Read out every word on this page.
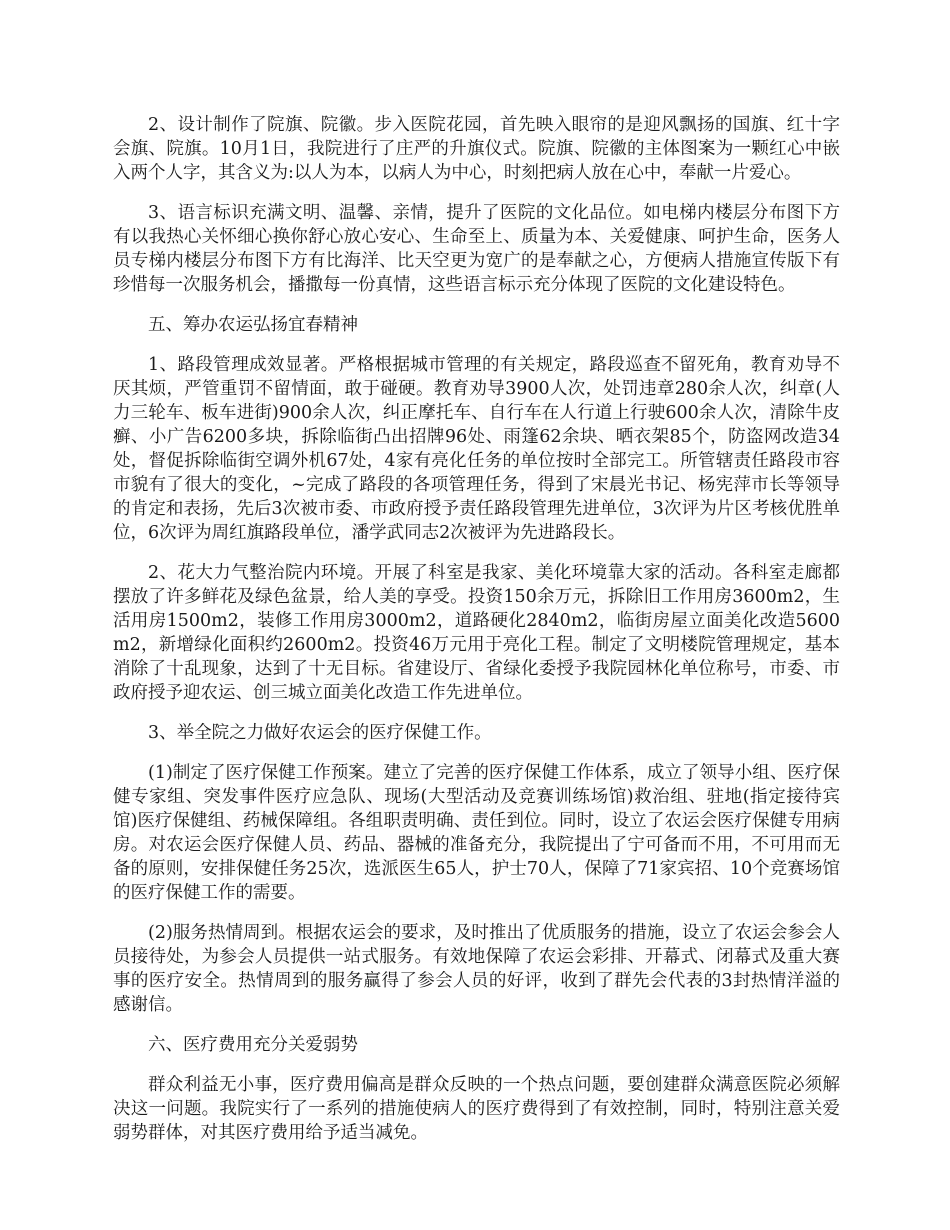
2、设计制作了院旗、院徽。步入医院花园，首先映入眼帘的是迎风飘扬的国旗、红十字会旗、院旗。10月1日，我院进行了庄严的升旗仪式。院旗、院徽的主体图案为一颗红心中嵌入两个人字，其含义为:以人为本，以病人为中心，时刻把病人放在心中，奉献一片爱心。

3、语言标识充满文明、温馨、亲情，提升了医院的文化品位。如电梯内楼层分布图下方有以我热心关怀细心换你舒心放心安心、生命至上、质量为本、关爱健康、呵护生命，医务人员专梯内楼层分布图下方有比海洋、比天空更为宽广的是奉献之心，方便病人措施宣传版下有珍惜每一次服务机会，播撒每一份真情，这些语言标示充分体现了医院的文化建设特色。

五、筹办农运弘扬宜春精神

1、路段管理成效显著。严格根据城市管理的有关规定，路段巡查不留死角，教育劝导不厌其烦，严管重罚不留情面，敢于碰硬。教育劝导3900人次，处罚违章280余人次，纠章(人力三轮车、板车进街)900余人次，纠正摩托车、自行车在人行道上行驶600余人次，清除牛皮癣、小广告6200多块，拆除临街凸出招牌96处、雨篷62余块、晒衣架85个，防盗网改造34处，督促拆除临街空调外机67处，4家有亮化任务的单位按时全部完工。所管辖责任路段市容市貌有了很大的变化，~完成了路段的各项管理任务，得到了宋晨光书记、杨宪萍市长等领导的肯定和表扬，先后3次被市委、市政府授予责任路段管理先进单位，3次评为片区考核优胜单位，6次评为周红旗路段单位，潘学武同志2次被评为先进路段长。

2、花大力气整治院内环境。开展了科室是我家、美化环境靠大家的活动。各科室走廊都摆放了许多鲜花及绿色盆景，给人美的享受。投资150余万元，拆除旧工作用房3600m2，生活用房1500m2，装修工作用房3000m2，道路硬化2840m2，临街房屋立面美化改造5600m2，新增绿化面积约2600m2。投资46万元用于亮化工程。制定了文明楼院管理规定，基本消除了十乱现象，达到了十无目标。省建设厅、省绿化委授予我院园林化单位称号，市委、市政府授予迎农运、创三城立面美化改造工作先进单位。

3、举全院之力做好农运会的医疗保健工作。

(1)制定了医疗保健工作预案。建立了完善的医疗保健工作体系，成立了领导小组、医疗保健专家组、突发事件医疗应急队、现场(大型活动及竞赛训练场馆)救治组、驻地(指定接待宾馆)医疗保健组、药械保障组。各组职责明确、责任到位。同时，设立了农运会医疗保健专用病房。对农运会医疗保健人员、药品、器械的准备充分，我院提出了宁可备而不用，不可用而无备的原则，安排保健任务25次，选派医生65人，护士70人，保障了71家宾招、10个竞赛场馆的医疗保健工作的需要。

(2)服务热情周到。根据农运会的要求，及时推出了优质服务的措施，设立了农运会参会人员接待处，为参会人员提供一站式服务。有效地保障了农运会彩排、开幕式、闭幕式及重大赛事的医疗安全。热情周到的服务赢得了参会人员的好评，收到了群先会代表的3封热情洋溢的感谢信。

六、医疗费用充分关爱弱势

群众利益无小事，医疗费用偏高是群众反映的一个热点问题，要创建群众满意医院必须解决这一问题。我院实行了一系列的措施使病人的医疗费得到了有效控制，同时，特别注意关爱弱势群体，对其医疗费用给予适当减免。
